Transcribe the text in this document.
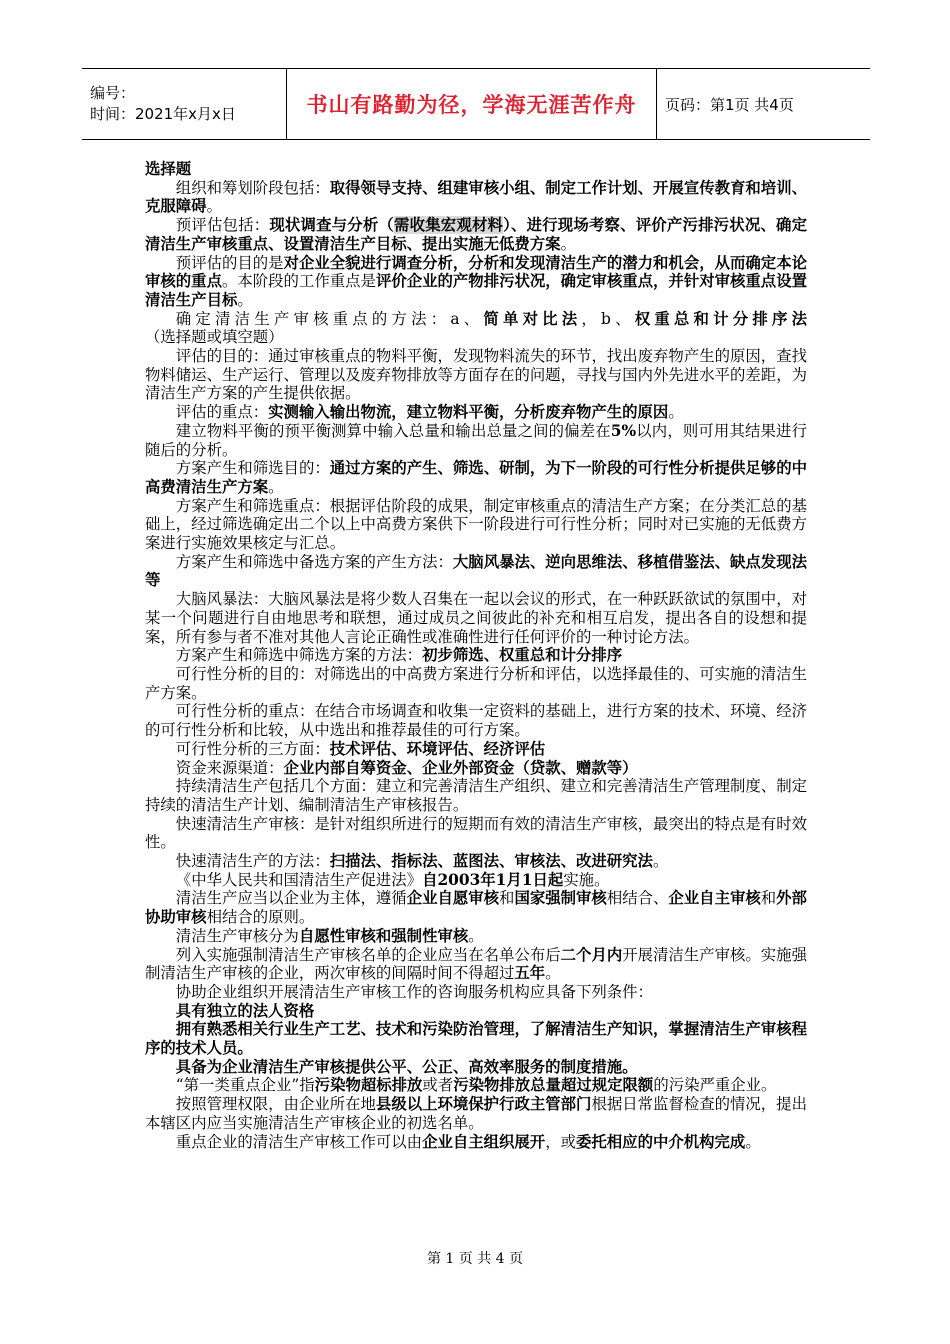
编号：
时间：2021年x月x日	书山有路勤为径，学海无涯苦作舟 页码：第1页 共4页

选择题

组织和筹划阶段包括：取得领导支持、组建审核小组、制定工作计划、开展宣传教育和培训、克服障碍。

预评估包括：现状调查与分析（需收集宏观材料）、进行现场考察、评价产污排污状况、确定清洁生产审核重点、设置清洁生产目标、提出实施无低费方案。

预评估的目的是对企业全貌进行调查分析，分析和发现清洁生产的潜力和机会，从而确定本论审核的重点。本阶段的工作重点是评价企业的产物排污状况，确定审核重点，并针对审核重点设置清洁生产目标。

确定清洁生产审核重点的方法：a、简单对比法，b、权重总和计分排序法（选择题或填空题）

评估的目的：通过审核重点的物料平衡，发现物料流失的环节，找出废弃物产生的原因，查找物料储运、生产运行、管理以及废弃物排放等方面存在的问题，寻找与国内外先进水平的差距，为清洁生产方案的产生提供依据。

评估的重点：实测输入输出物流，建立物料平衡，分析废弃物产生的原因。

建立物料平衡的预平衡测算中输入总量和输出总量之间的偏差在5%以内，则可用其结果进行随后的分析。

方案产生和筛选目的：通过方案的产生、筛选、研制，为下一阶段的可行性分析提供足够的中高费清洁生产方案。

方案产生和筛选重点：根据评估阶段的成果，制定审核重点的清洁生产方案；在分类汇总的基础上，经过筛选确定出二个以上中高费方案供下一阶段进行可行性分析；同时对已实施的无低费方案进行实施效果核定与汇总。

方案产生和筛选中备选方案的产生方法：大脑风暴法、逆向思维法、移植借鉴法、缺点发现法等

大脑风暴法：大脑风暴法是将少数人召集在一起以会议的形式，在一种跃跃欲试的氛围中，对某一个问题进行自由地思考和联想，通过成员之间彼此的补充和相互启发，提出各自的设想和提案，所有参与者不准对其他人言论正确性或准确性进行任何评价的一种讨论方法。

方案产生和筛选中筛选方案的方法：初步筛选、权重总和计分排序

可行性分析的目的：对筛选出的中高费方案进行分析和评估，以选择最佳的、可实施的清洁生产方案。

可行性分析的重点：在结合市场调查和收集一定资料的基础上，进行方案的技术、环境、经济的可行性分析和比较，从中选出和推荐最佳的可行方案。

可行性分析的三方面：技术评估、环境评估、经济评估

资金来源渠道：企业内部自筹资金、企业外部资金（贷款、赠款等）

持续清洁生产包括几个方面：建立和完善清洁生产组织、建立和完善清洁生产管理制度、制定持续的清洁生产计划、编制清洁生产审核报告。

快速清洁生产审核：是针对组织所进行的短期而有效的清洁生产审核，最突出的特点是有时效性。

快速清洁生产的方法：扫描法、指标法、蓝图法、审核法、改进研究法。

《中华人民共和国清洁生产促进法》自2003年1月1日起实施。

清洁生产应当以企业为主体，遵循企业自愿审核和国家强制审核相结合、企业自主审核和外部协助审核相结合的原则。

清洁生产审核分为自愿性审核和强制性审核。

列入实施强制清洁生产审核名单的企业应当在名单公布后二个月内开展清洁生产审核。实施强制清洁生产审核的企业，两次审核的间隔时间不得超过五年。

协助企业组织开展清洁生产审核工作的咨询服务机构应具备下列条件：

具有独立的法人资格

拥有熟悉相关行业生产工艺、技术和污染防治管理，了解清洁生产知识，掌握清洁生产审核程序的技术人员。

具备为企业清洁生产审核提供公平、公正、高效率服务的制度措施。

“第一类重点企业”指污染物超标排放或者污染物排放总量超过规定限额的污染严重企业。

按照管理权限，由企业所在地县级以上环境保护行政主管部门根据日常监督检查的情况，提出本辖区内应当实施清洁生产审核企业的初选名单。

重点企业的清洁生产审核工作可以由企业自主组织展开，或委托相应的中介机构完成。

第 1 页 共 4 页
